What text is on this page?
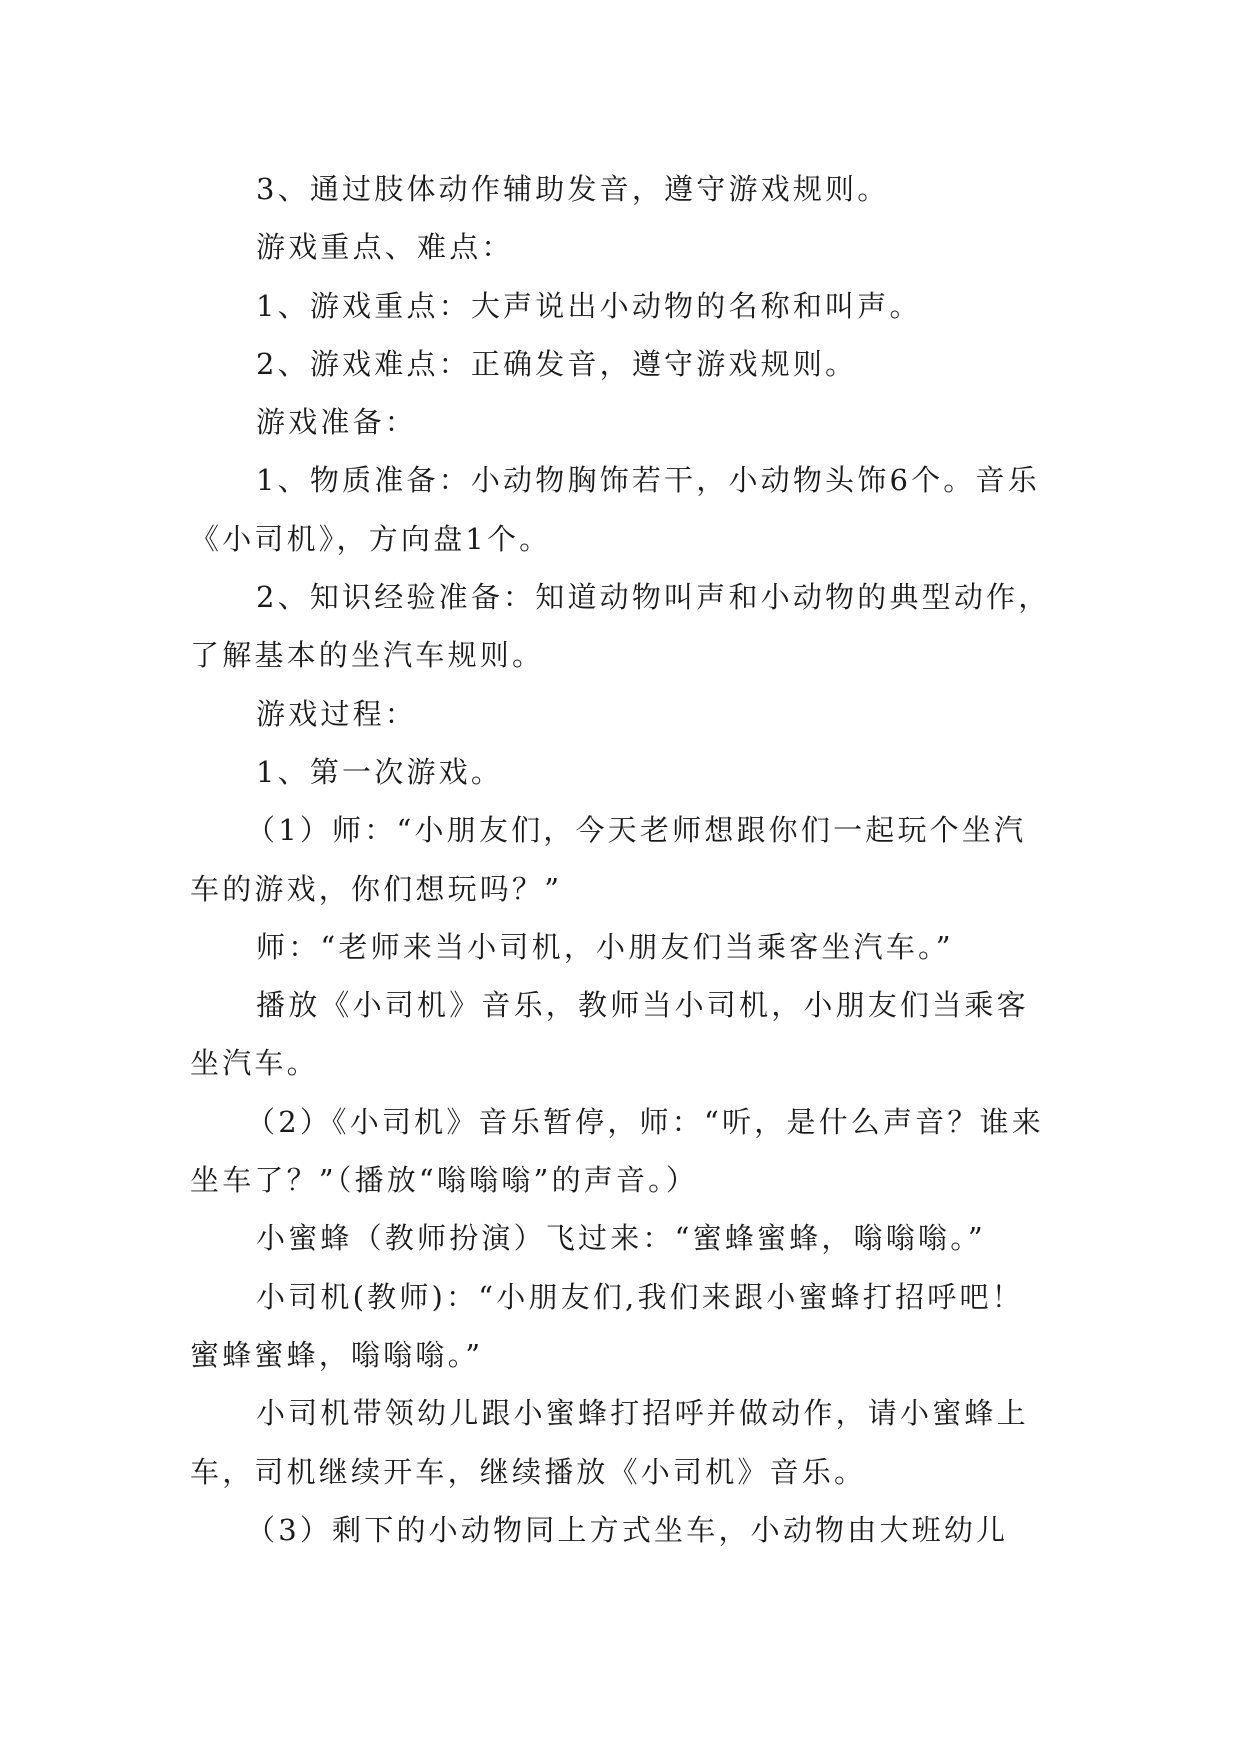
3、通过肢体动作辅助发音，遵守游戏规则。

游戏重点、难点：

1、游戏重点：大声说出小动物的名称和叫声。

2、游戏难点：正确发音，遵守游戏规则。

游戏准备：

1、物质准备：小动物胸饰若干，小动物头饰6个。音乐《小司机》，方向盘1个。

2、知识经验准备：知道动物叫声和小动物的典型动作，了解基本的坐汽车规则。

游戏过程：

1、第一次游戏。

（1）师：“小朋友们，今天老师想跟你们一起玩个坐汽车的游戏，你们想玩吗？”

师：“老师来当小司机，小朋友们当乘客坐汽车。”

播放《小司机》音乐，教师当小司机，小朋友们当乘客坐汽车。

（2）《小司机》音乐暂停，师：“听，是什么声音？谁来坐车了？”（播放“嗡嗡嗡”的声音。）

小蜜蜂（教师扮演）飞过来：“蜜蜂蜜蜂，嗡嗡嗡。”

小司机(教师)：“小朋友们,我们来跟小蜜蜂打招呼吧！蜜蜂蜜蜂，嗡嗡嗡。”

小司机带领幼儿跟小蜜蜂打招呼并做动作，请小蜜蜂上车，司机继续开车，继续播放《小司机》音乐。

（3）剩下的小动物同上方式坐车，小动物由大班幼儿
